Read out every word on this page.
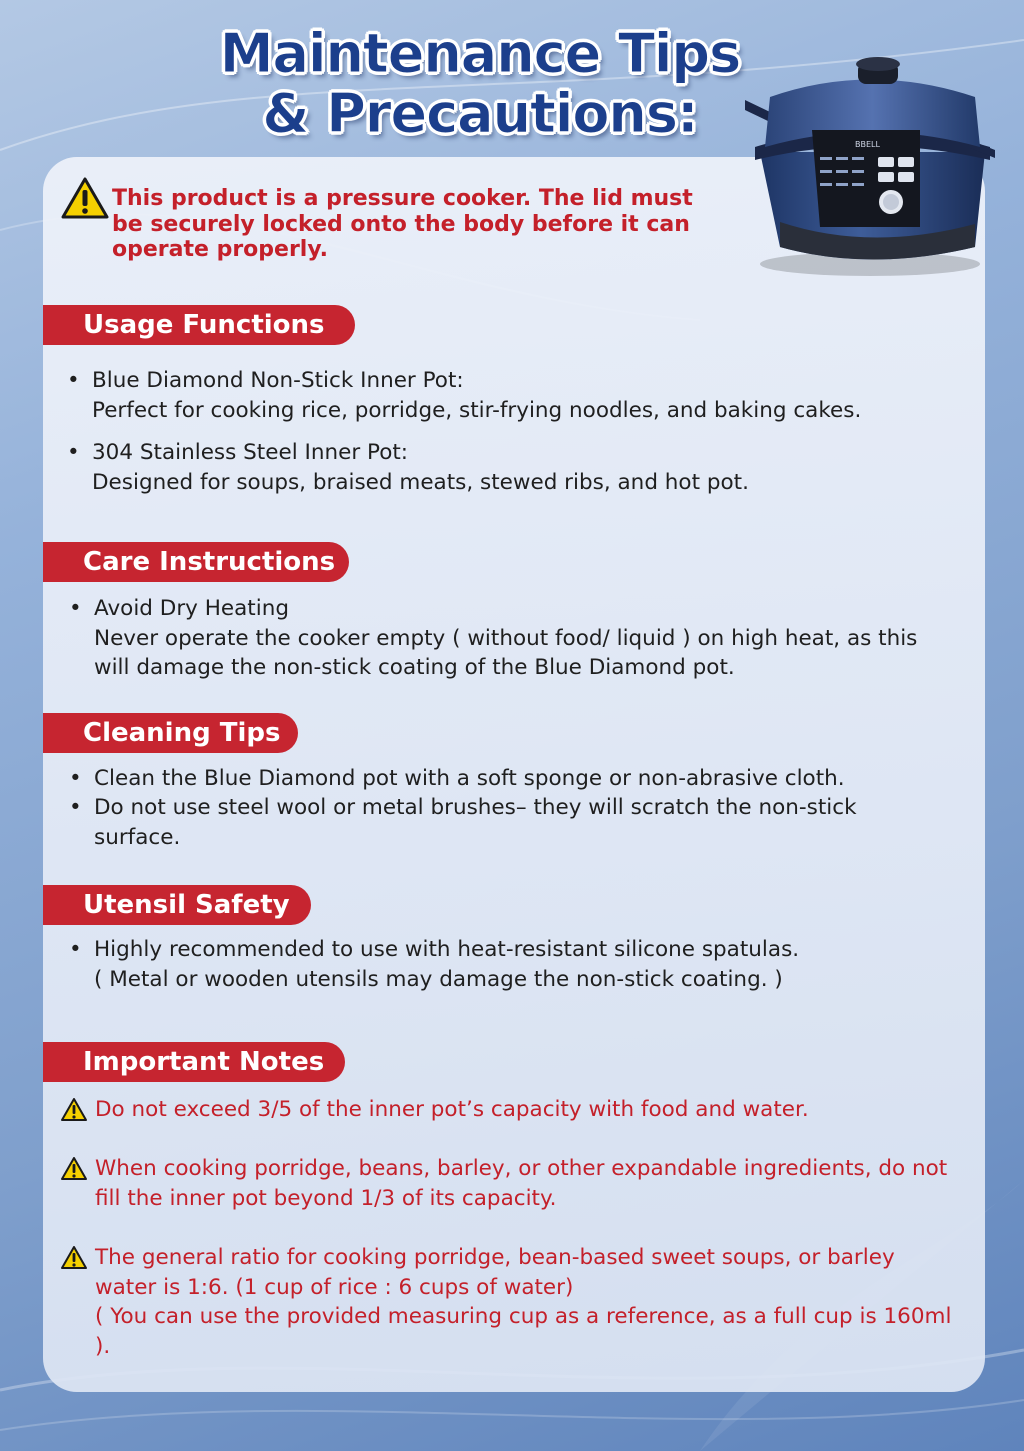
Maintenance Tips
& Precautions:	BBELL
This product is a pressure cooker. The lid must be securely locked onto the body before it can operate properly.
Usage Functions
• Blue Diamond Non-Stick Inner Pot:
Perfect for cooking rice, porridge, stir-frying noodles, and baking cakes.
• 304 Stainless Steel Inner Pot:
Designed for soups, braised meats, stewed ribs, and hot pot.
Care Instructions
• Avoid Dry Heating
Never operate the cooker empty ( without food/ liquid ) on high heat, as this
will damage the non-stick coating of the Blue Diamond pot.
Cleaning Tips
• Clean the Blue Diamond pot with a soft sponge or non-abrasive cloth.
• Do not use steel wool or metal brushes– they will scratch the non-stick surface.
Utensil Safety
• Highly recommended to use with heat-resistant silicone spatulas.
( Metal or wooden utensils may damage the non-stick coating. )
Important Notes
Do not exceed 3/5 of the inner pot’s capacity with food and water.
When cooking porridge, beans, barley, or other expandable ingredients, do not fill the inner pot beyond 1/3 of its capacity.
The general ratio for cooking porridge, bean-based sweet soups, or barley
water is 1:6. (1 cup of rice : 6 cups of water)
( You can use the provided measuring cup as a reference, as a full cup is 160ml ).
